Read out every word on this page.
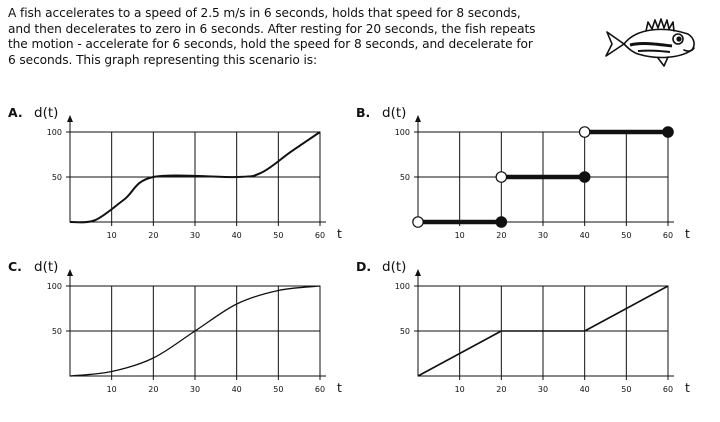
A fish accelerates to a speed of 2.5 m/s in 6 seconds, holds that speed for 8 seconds,
and then decelerates to zero in 6 seconds. After resting for 20 seconds, the fish repeats
the motion - accelerate for 6 seconds, hold the speed for 8 seconds, and decelerate for
6 seconds. This graph representing this scenario is:

A. d(t)
t
10	20	30	40	50	60
50
100
B. d(t)
t
10	20	30	40	50	60
50
100
C. d(t)
t
10	20	30	40	50	60
50
100
D. d(t)
t
10	20	30	40	50	60
50
100
